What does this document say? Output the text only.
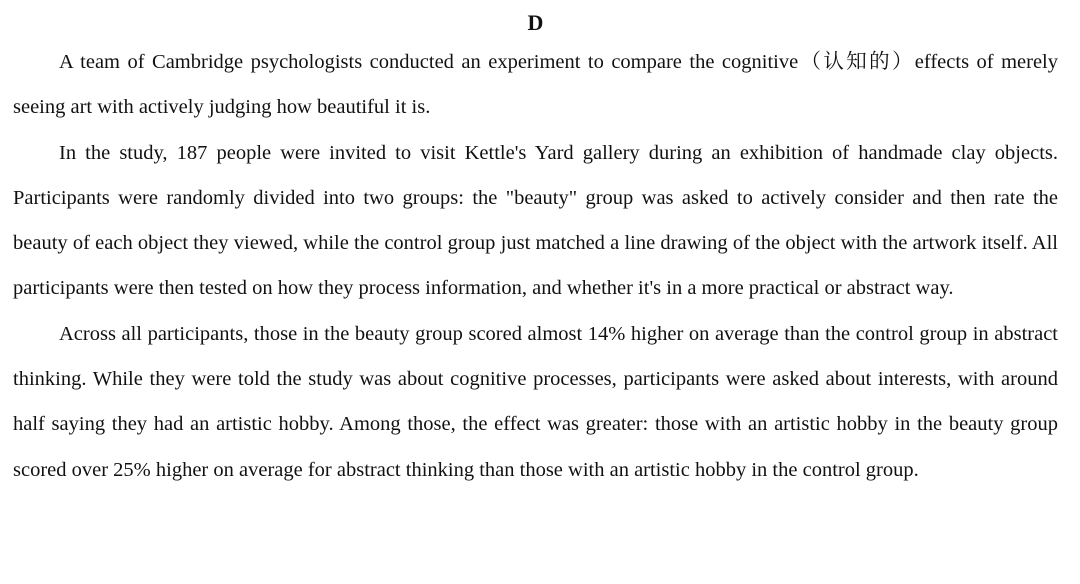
D

A team of Cambridge psychologists conducted an experiment to compare the cognitive（认知的）effects of merely seeing art with actively judging how beautiful it is.

In the study, 187 people were invited to visit Kettle's Yard gallery during an exhibition of handmade clay objects. Participants were randomly divided into two groups: the "beauty" group was asked to actively consider and then rate the beauty of each object they viewed, while the control group just matched a line drawing of the object with the artwork itself. All participants were then tested on how they process information, and whether it's in a more practical or abstract way.

Across all participants, those in the beauty group scored almost 14% higher on average than the control group in abstract thinking. While they were told the study was about cognitive processes, participants were asked about interests, with around half saying they had an artistic hobby. Among those, the effect was greater: those with an artistic hobby in the beauty group scored over 25% higher on average for abstract thinking than those with an artistic hobby in the control group.
